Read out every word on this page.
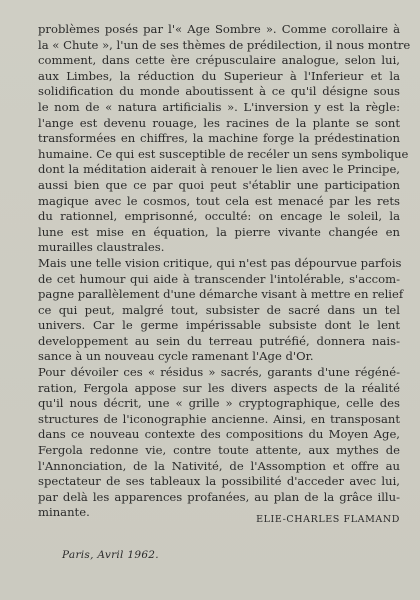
problèmes posés par l'« Age Sombre ». Comme corollaire à
la « Chute », l'un de ses thèmes de prédilection, il nous montre
comment, dans cette ère crépusculaire analogue, selon lui,
aux Limbes, la réduction du Superieur à l'Inferieur et la
solidification du monde aboutissent à ce qu'il désigne sous
le nom de « natura artificialis ». L'inversion y est la règle:
l'ange est devenu rouage, les racines de la plante se sont
transformées en chiffres, la machine forge la prédestination
humaine. Ce qui est susceptible de recéler un sens symbolique
dont la méditation aiderait à renouer le lien avec le Principe,
aussi bien que ce par quoi peut s'établir une participation
magique avec le cosmos, tout cela est menacé par les rets
du rationnel, emprisonné, occulté: on encage le soleil, la
lune est mise en équation, la pierre vivante changée en
murailles claustrales.
Mais une telle vision critique, qui n'est pas dépourvue parfois
de cet humour qui aide à transcender l'intolérable, s'accom-
pagne parallèlement d'une démarche visant à mettre en relief
ce qui peut, malgré tout, subsister de sacré dans un tel
univers. Car le germe impérissable subsiste dont le lent
developpement au sein du terreau putréfié, donnera nais-
sance à un nouveau cycle ramenant l'Age d'Or.
Pour dévoiler ces « résidus » sacrés, garants d'une régéné-
ration, Fergola appose sur les divers aspects de la réalité
qu'il nous décrit, une « grille » cryptographique, celle des
structures de l'iconographie ancienne. Ainsi, en transposant
dans ce nouveau contexte des compositions du Moyen Age,
Fergola redonne vie, contre toute attente, aux mythes de
l'Annonciation, de la Nativité, de l'Assomption et offre au
spectateur de ses tableaux la possibilité d'acceder avec lui,
par delà les apparences profanées, au plan de la grâce illu-
minante.
ELIE-CHARLES FLAMAND
Paris, Avril 1962.
